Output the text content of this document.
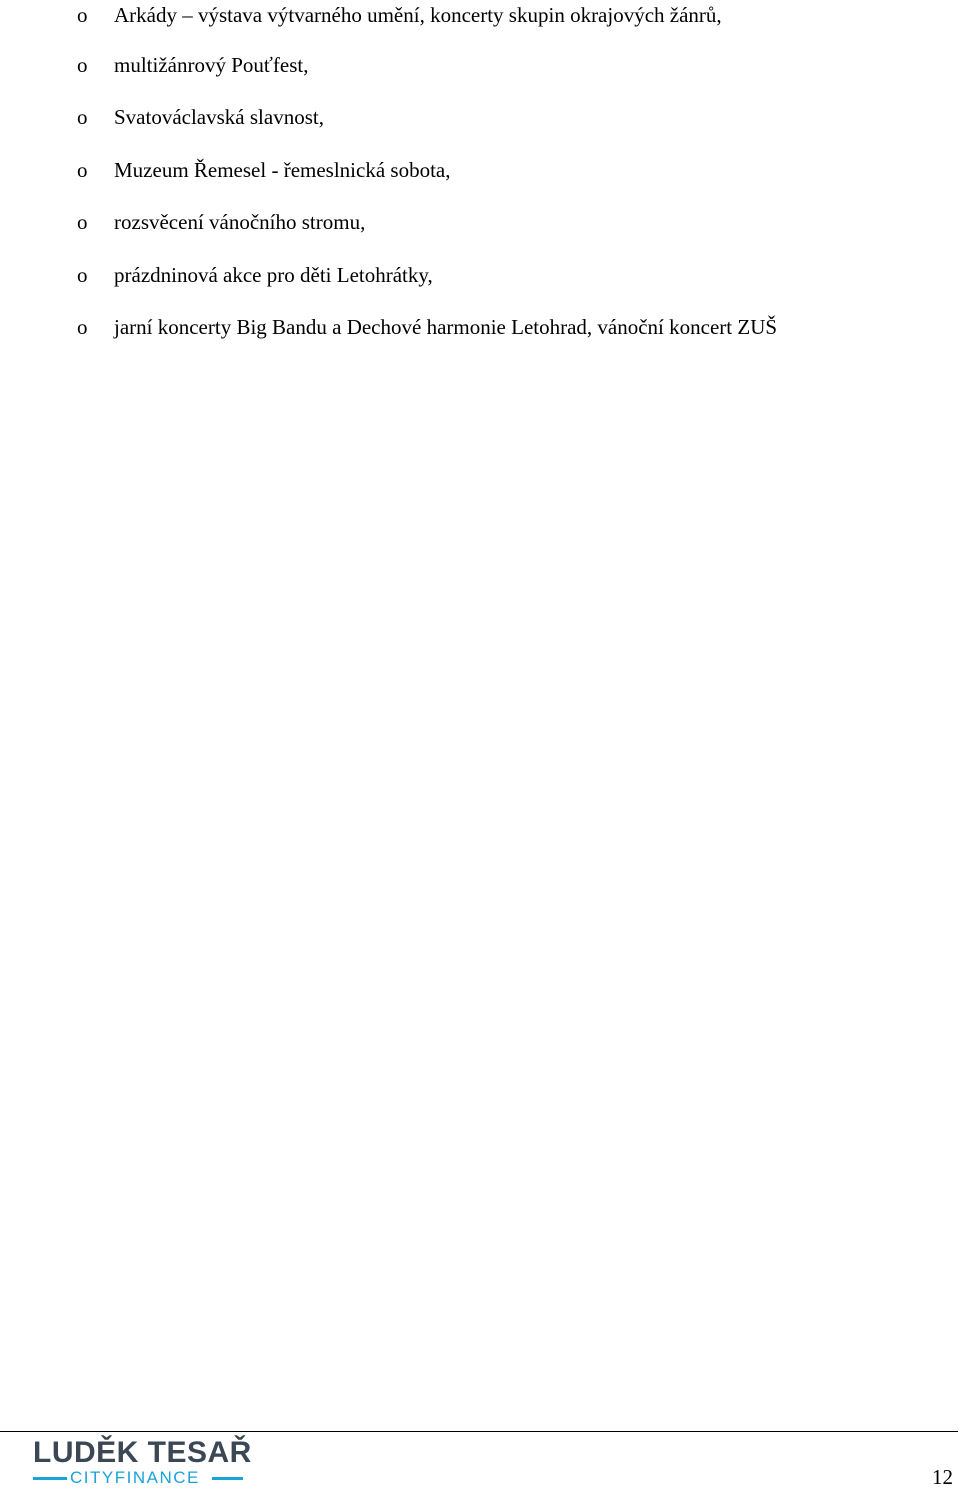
o Arkády – výstava výtvarného umění, koncerty skupin okrajových žánrů,
o multižánrový Pouťfest,
o Svatováclavská slavnost,
o Muzeum Řemesel - řemeslnická sobota,
o rozsvěcení vánočního stromu,
o prázdninová akce pro děti Letohrátky,
o jarní koncerty Big Bandu a Dechové harmonie Letohrad, vánoční koncert ZUŠ
LUDĚK TESAŘ
CITYFINANCE	12
